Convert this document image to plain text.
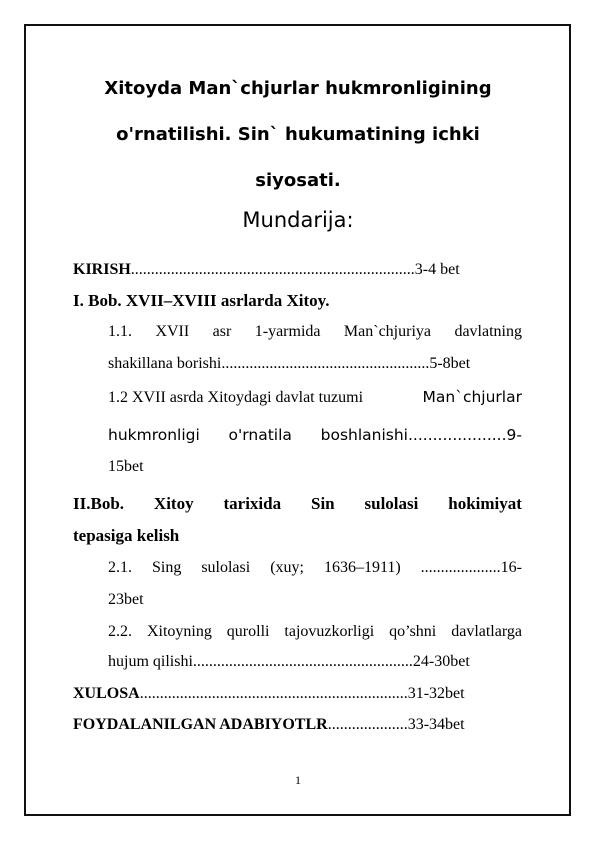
Xitoyda Man`chjurlar hukmronligining
o'rnatilishi. Sin` hukumatining ichki
siyosati.
Mundarija:
KIRISH.......................................................................3-4 bet
I. Bob. XVII–XVIII asrlarda Xitoy.
1.1. XVII asr 1-yarmida Man`chjuriya davlatning
shakillana borishi....................................................5-8bet
1.2 XVII asrda Xitoydagi davlat tuzumi	Man`chjurlar
hukmronligi o'rnatila boshlanishi....................9-
15bet
II.Bob. Xitoy tarixida Sin sulolasi hokimiyat
tepasiga kelish
2.1. Sing sulolasi (xuy; 1636–1911) ....................16-
23bet
2.2. Xitoyning qurolli tajovuzkorligi qo’shni davlatlarga
hujum qilishi.......................................................24-30bet
XULOSA...................................................................31-32bet
FOYDALANILGAN ADABIYOTLR....................33-34bet
1
